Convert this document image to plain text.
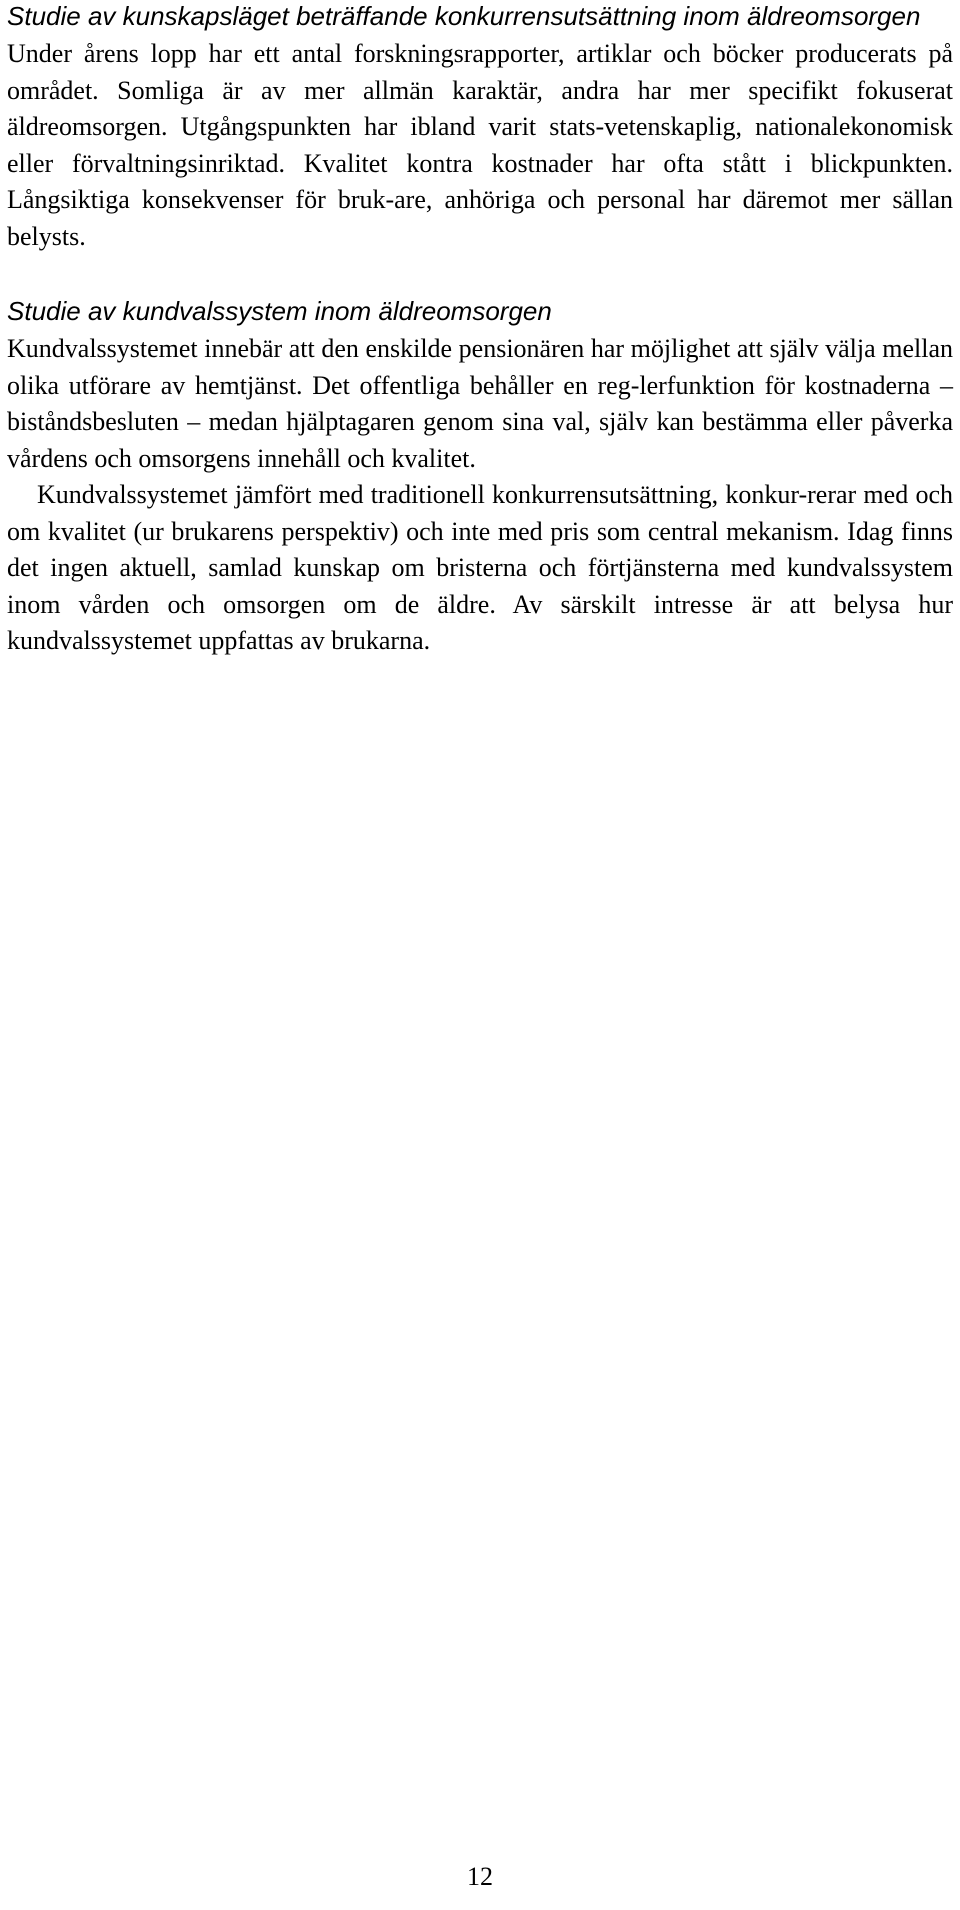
Studie av kunskapsläget beträffande konkurrensutsättning inom äldreomsorgen

Under årens lopp har ett antal forskningsrapporter, artiklar och böcker producerats på området. Somliga är av mer allmän karaktär, andra har mer specifikt fokuserat äldreomsorgen. Utgångspunkten har ibland varit stats-vetenskaplig, nationalekonomisk eller förvaltningsinriktad. Kvalitet kontra kostnader har ofta stått i blickpunkten. Långsiktiga konsekvenser för bruk-are, anhöriga och personal har däremot mer sällan belysts.

Studie av kundvalssystem inom äldreomsorgen

Kundvalssystemet innebär att den enskilde pensionären har möjlighet att själv välja mellan olika utförare av hemtjänst. Det offentliga behåller en reg-lerfunktion för kostnaderna – biståndsbesluten – medan hjälptagaren genom sina val, själv kan bestämma eller påverka vårdens och omsorgens innehåll och kvalitet.

Kundvalssystemet jämfört med traditionell konkurrensutsättning, konkur-rerar med och om kvalitet (ur brukarens perspektiv) och inte med pris som central mekanism. Idag finns det ingen aktuell, samlad kunskap om bristerna och förtjänsterna med kundvalssystem inom vården och omsorgen om de äldre. Av särskilt intresse är att belysa hur kundvalssystemet uppfattas av brukarna.

12
